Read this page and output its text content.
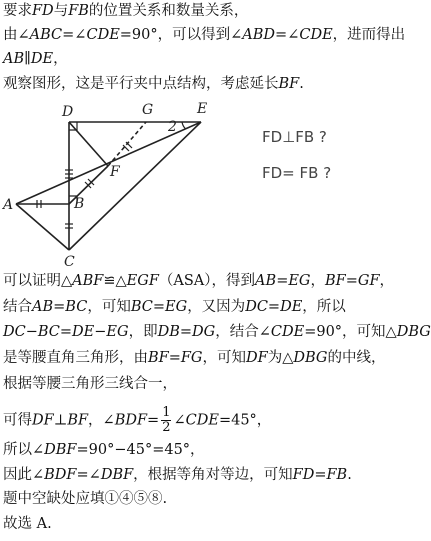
要求FD与FB的位置关系和数量关系，
由∠ABC=∠CDE=90°，可以得到∠ABD=∠CDE，进而得出
AB∥DE，
观察图形，这是平行夹中点结构，考虑延长BF.
D	G	E
F
A	B
C
2
FD⊥FB ?
FD= FB ?
可以证明△ABF≌△EGF（ASA），得到AB=EG，BF=GF，
结合AB=BC，可知BC=EG，又因为DC=DE，所以
DC−BC=DE−EG，即DB=DG，结合∠CDE=90°，可知△DBG
是等腰直角三角形，由BF=FG，可知DF为△DBG的中线，
根据等腰三角形三线合一，
可得DF⊥BF，∠BDF= $\frac{1}{2}$ ∠CDE=45°，
所以∠DBF=90°−45°=45°，
因此∠BDF=∠DBF，根据等角对等边，可知FD=FB.
题中空缺处应填①④⑤⑧.
故选 A.
